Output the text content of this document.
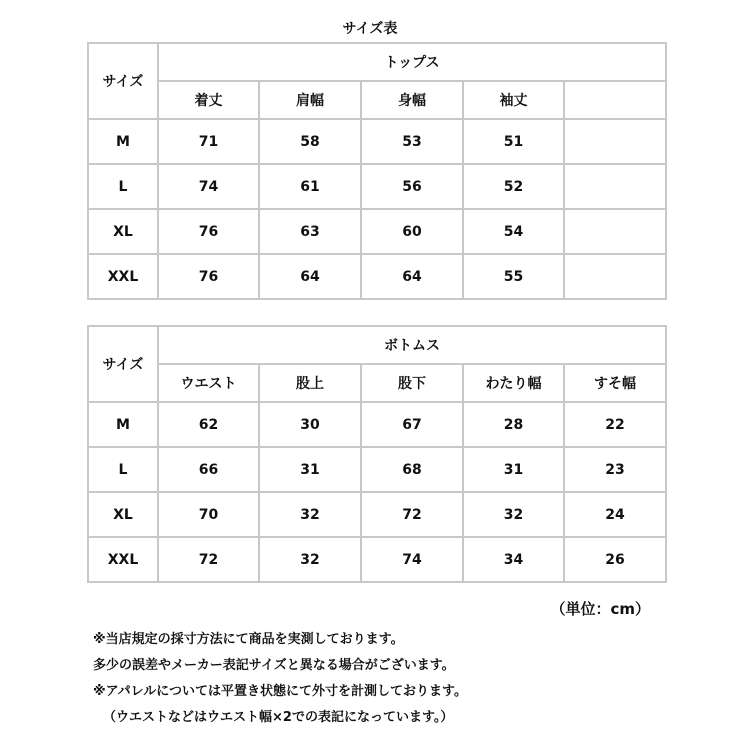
サイズ表
サイズ	トップス				
	着丈	肩幅	身幅	袖丈	
M	71	58	53	51	
L	74	61	56	52	
XL	76	63	60	54	
XXL	76	64	64	55	
サイズ	ボトムス				
	ウエスト	股上	股下	わたり幅	すそ幅
M	62	30	67	28	22
L	66	31	68	31	23
XL	70	32	72	32	24
XXL	72	32	74	34	26
（単位：cm）
※当店規定の採寸方法にて商品を実測しております。
多少の誤差やメーカー表記サイズと異なる場合がございます。
※アパレルについては平置き状態にて外寸を計測しております。
（ウエストなどはウエスト幅×2での表記になっています。）
